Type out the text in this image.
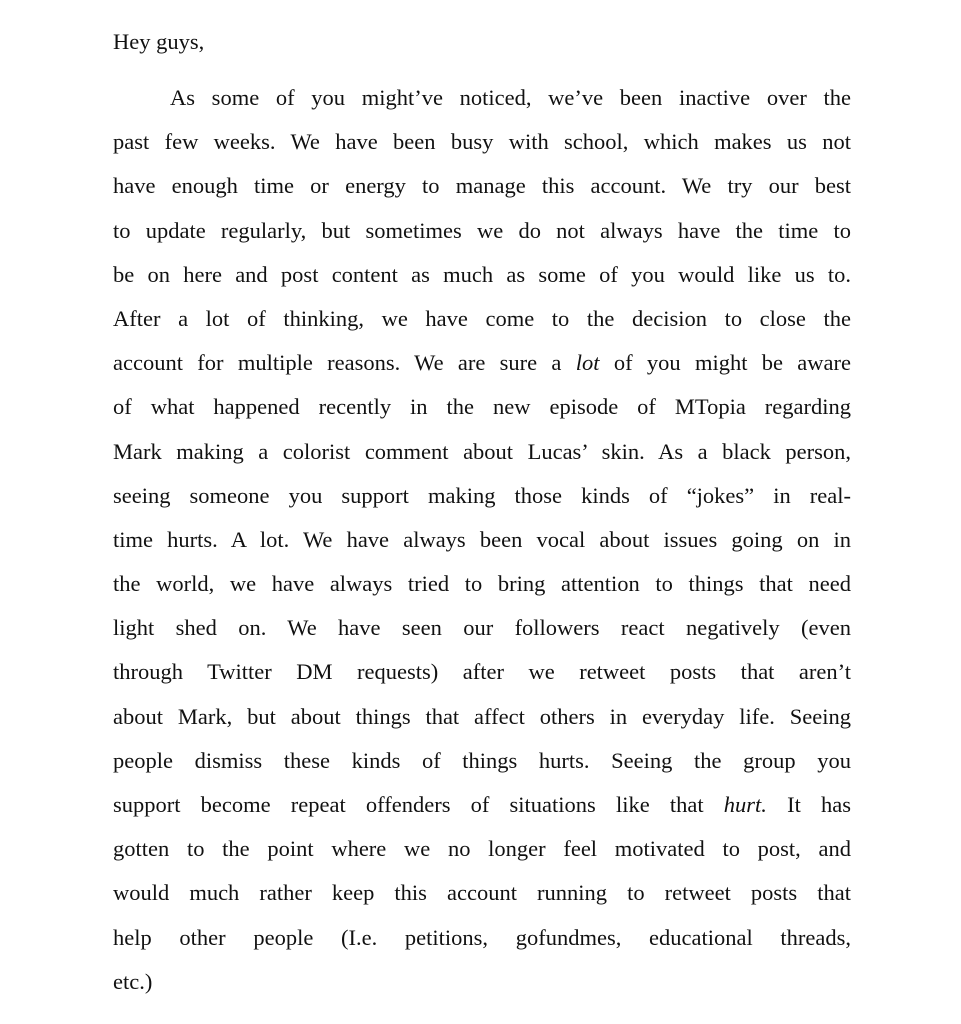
Hey guys,
As some of you might’ve noticed, we’ve been inactive over the
past few weeks. We have been busy with school, which makes us not
have enough time or energy to manage this account. We try our best
to update regularly, but sometimes we do not always have the time to
be on here and post content as much as some of you would like us to.
After a lot of thinking, we have come to the decision to close the
account for multiple reasons. We are sure a lot of you might be aware
of what happened recently in the new episode of MTopia regarding
Mark making a colorist comment about Lucas’ skin. As a black person,
seeing someone you support making those kinds of “jokes” in real-
time hurts. A lot. We have always been vocal about issues going on in
the world, we have always tried to bring attention to things that need
light shed on. We have seen our followers react negatively (even
through Twitter DM requests) after we retweet posts that aren’t
about Mark, but about things that affect others in everyday life. Seeing
people dismiss these kinds of things hurts. Seeing the group you
support become repeat offenders of situations like that hurt. It has
gotten to the point where we no longer feel motivated to post, and
would much rather keep this account running to retweet posts that
help other people (I.e. petitions, gofundmes, educational threads,
etc.)
